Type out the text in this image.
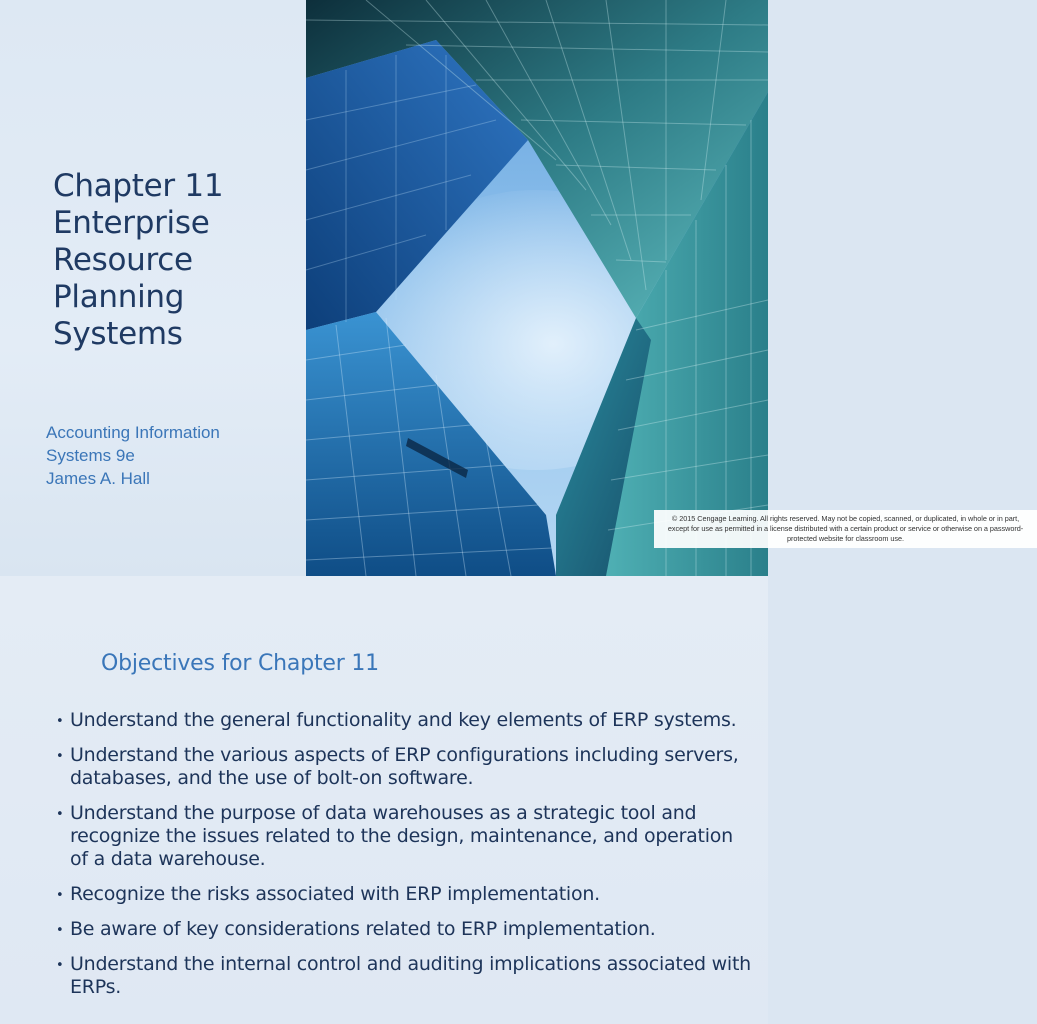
Chapter 11
Enterprise
Resource
Planning
Systems
Accounting Information
Systems 9e
James A. Hall
© 2015 Cengage Learning. All rights reserved. May not be copied, scanned, or duplicated, in whole or in part, except for use as permitted in a license distributed with a certain product or service or otherwise on a password-protected website for classroom use.
Objectives for Chapter 11
• Understand the general functionality and key elements of ERP systems.
• Understand the various aspects of ERP configurations including servers, databases, and the use of bolt-on software.
• Understand the purpose of data warehouses as a strategic tool and recognize the issues related to the design, maintenance, and operation of a data warehouse.
• Recognize the risks associated with ERP implementation.
• Be aware of key considerations related to ERP implementation.
• Understand the internal control and auditing implications associated with ERPs.
